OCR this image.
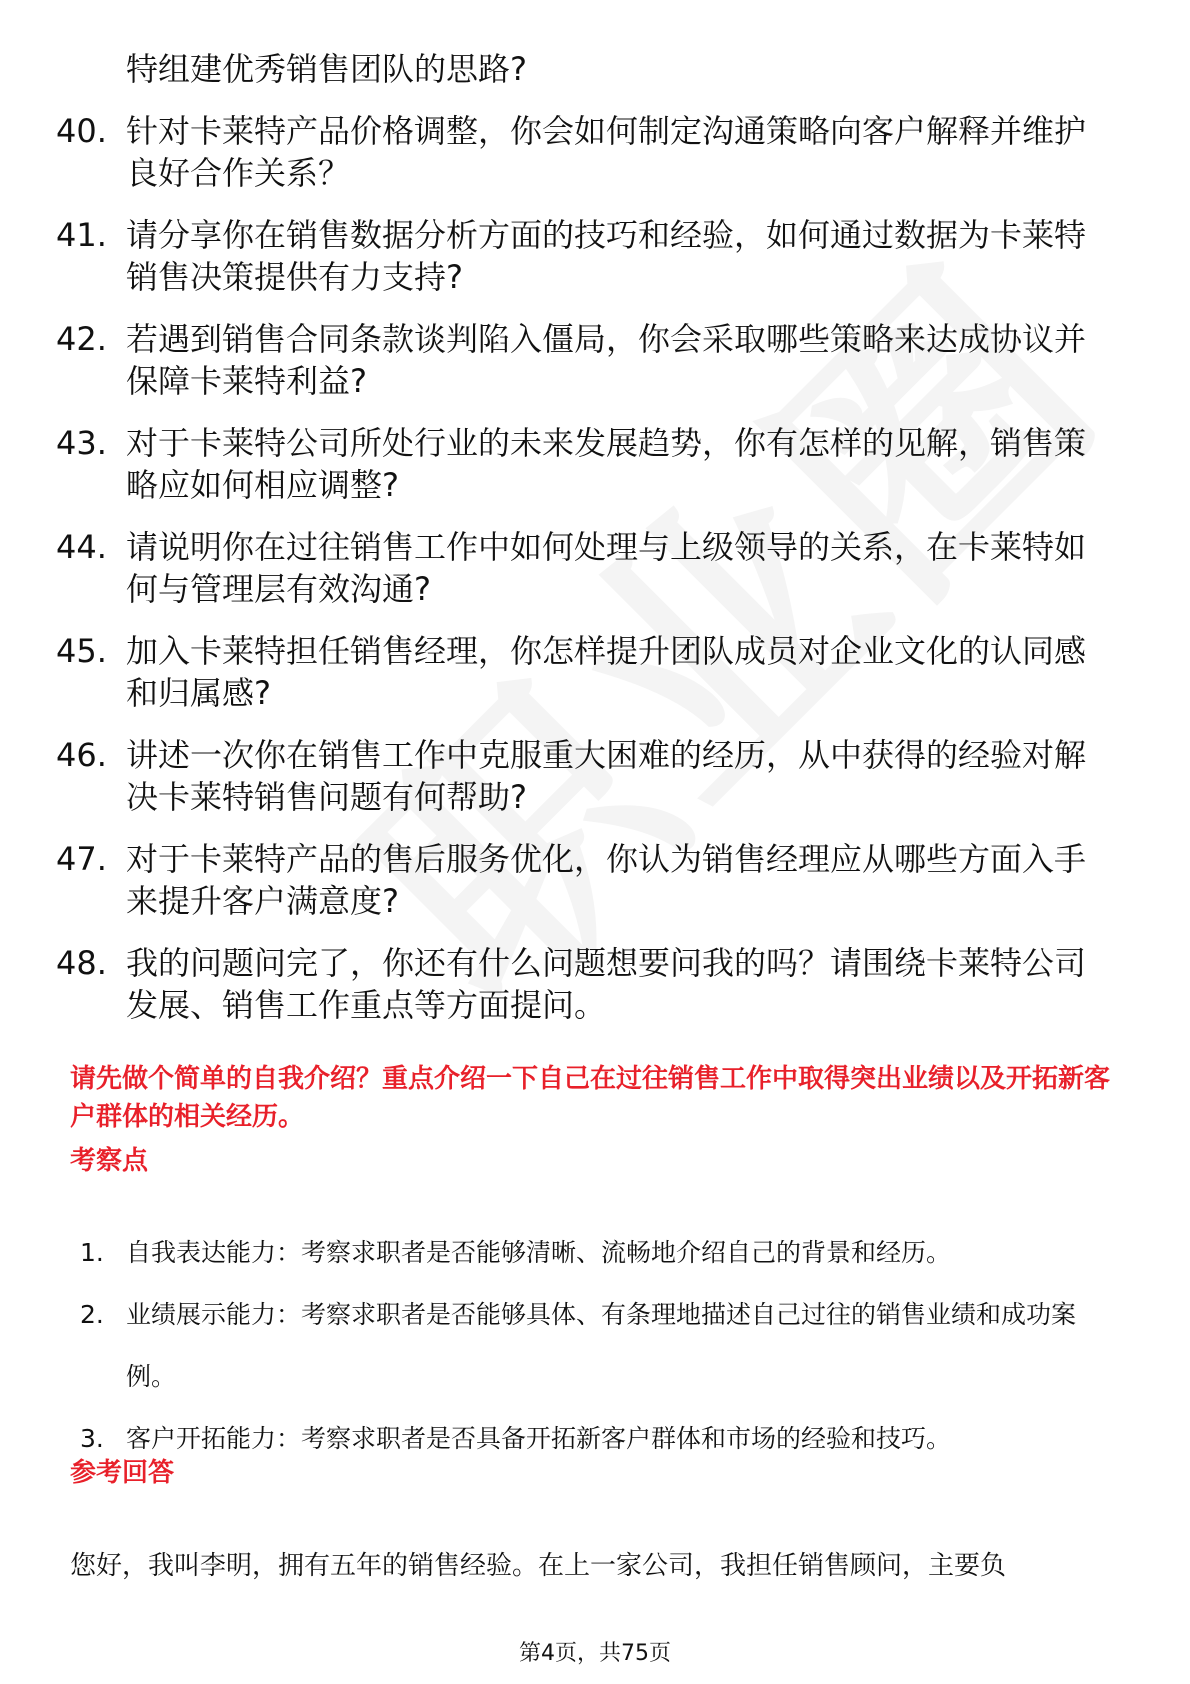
特组建优秀销售团队的思路?
40. 针对卡莱特产品价格调整，你会如何制定沟通策略向客户解释并维护良好合作关系？
41. 请分享你在销售数据分析方面的技巧和经验，如何通过数据为卡莱特销售决策提供有力支持?
42. 若遇到销售合同条款谈判陷入僵局，你会采取哪些策略来达成协议并保障卡莱特利益?
43. 对于卡莱特公司所处行业的未来发展趋势，你有怎样的见解，销售策略应如何相应调整?
44. 请说明你在过往销售工作中如何处理与上级领导的关系，在卡莱特如何与管理层有效沟通?
45. 加入卡莱特担任销售经理，你怎样提升团队成员对企业文化的认同感和归属感?
46. 讲述一次你在销售工作中克服重大困难的经历，从中获得的经验对解决卡莱特销售问题有何帮助?
47. 对于卡莱特产品的售后服务优化，你认为销售经理应从哪些方面入手来提升客户满意度?
48. 我的问题问完了，你还有什么问题想要问我的吗？请围绕卡莱特公司发展、销售工作重点等方面提问。
请先做个简单的自我介绍？重点介绍一下自己在过往销售工作中取得突出业绩以及开拓新客户群体的相关经历。
考察点
1. 自我表达能力：考察求职者是否能够清晰、流畅地介绍自己的背景和经历。
2. 业绩展示能力：考察求职者是否能够具体、有条理地描述自己过往的销售业绩和成功案例。
3. 客户开拓能力：考察求职者是否具备开拓新客户群体和市场的经验和技巧。
参考回答
您好，我叫李明，拥有五年的销售经验。在上一家公司，我担任销售顾问，主要负
第4页，共75页
